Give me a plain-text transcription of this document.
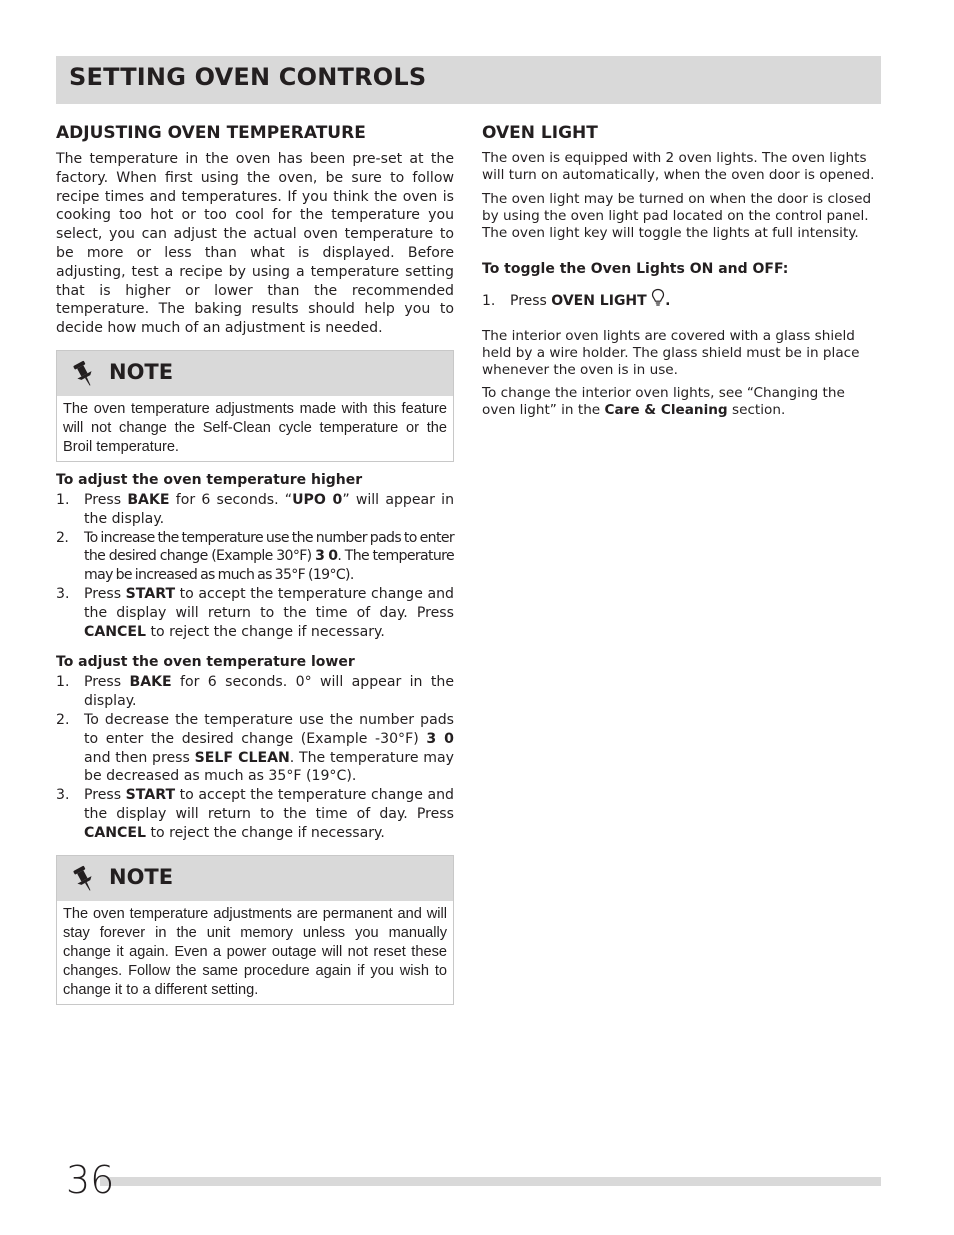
SETTING OVEN CONTROLS
ADJUSTING OVEN TEMPERATURE

The temperature in the oven has been pre-set at the factory. When first using the oven, be sure to follow recipe times and temperatures. If you think the oven is cooking too hot or too cool for the temperature you select, you can adjust the actual oven temperature to be more or less than what is displayed. Before adjusting, test a recipe by using a temperature setting that is higher or lower than the recommended temperature. The baking results should help you to decide how much of an adjustment is needed.

NOTE
The oven temperature adjustments made with this feature will not change the Self-Clean cycle temperature or the Broil temperature.
To adjust the oven temperature higher
1. Press BAKE for 6 seconds. “UPO 0” will appear in the display.
2. To increase the temperature use the number pads to enter the desired change (Example 30°F) 3 0. The temperature may be increased as much as 35°F (19°C).
3. Press START to accept the temperature change and the display will return to the time of day. Press CANCEL to reject the change if necessary.
To adjust the oven temperature lower
1. Press BAKE for 6 seconds. 0° will appear in the display.
2. To decrease the temperature use the number pads to enter the desired change (Example -30°F) 3 0 and then press SELF CLEAN. The temperature may be decreased as much as 35°F (19°C).
3. Press START to accept the temperature change and the display will return to the time of day. Press CANCEL to reject the change if necessary.
NOTE
The oven temperature adjustments are permanent and will stay forever in the unit memory unless you manually change it again. Even a power outage will not reset these changes. Follow the same procedure again if you wish to change it to a different setting.
OVEN LIGHT

The oven is equipped with 2 oven lights. The oven lights will turn on automatically, when the oven door is opened.

The oven light may be turned on when the door is closed by using the oven light pad located on the control panel. The oven light key will toggle the lights at full intensity.

To toggle the Oven Lights ON and OFF:
1. Press OVEN LIGHT .

The interior oven lights are covered with a glass shield held by a wire holder. The glass shield must be in place whenever the oven is in use.

To change the interior oven lights, see “Changing the oven light” in the Care & Cleaning section.

36
